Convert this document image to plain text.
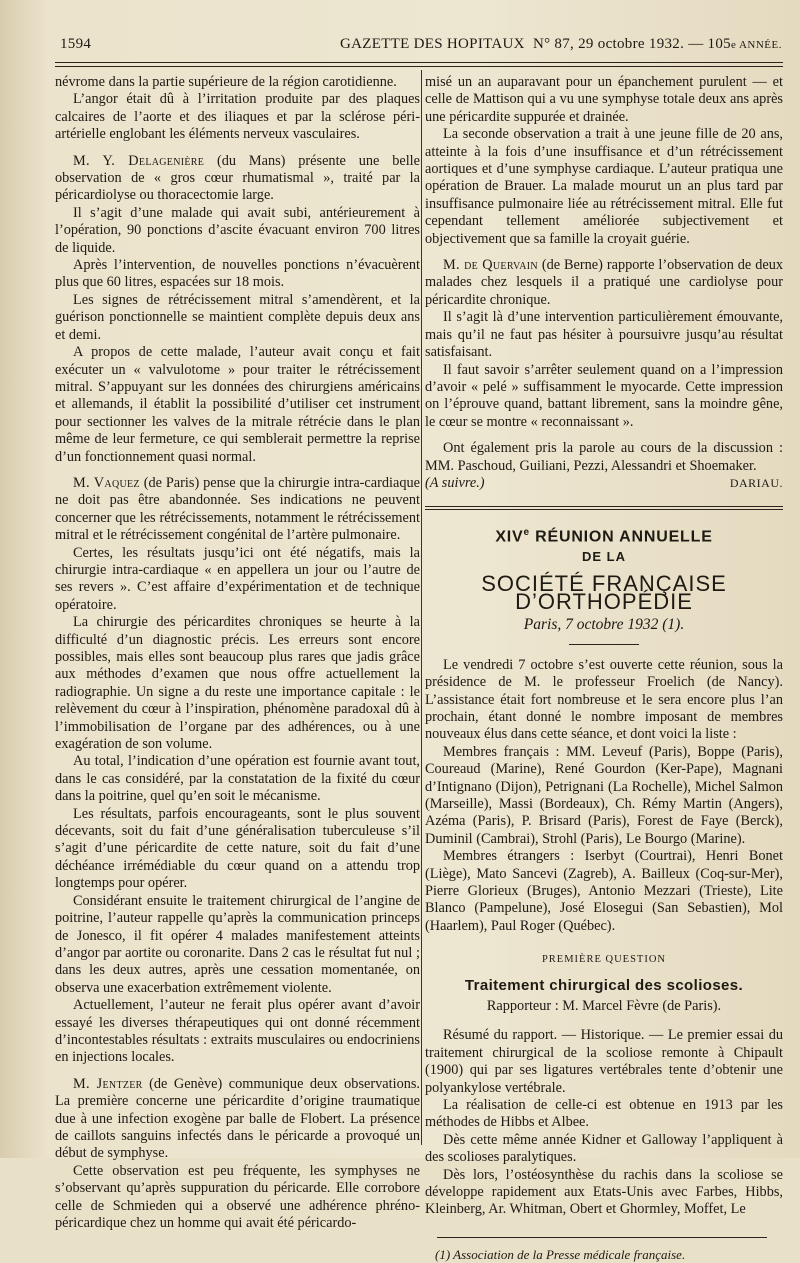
1594	GAZETTE DES HOPITAUX N° 87, 29 octobre 1932. — 105e ANNÉE.

névrome dans la partie supérieure de la région carotidienne.

L’angor était dû à l’irritation produite par des plaques calcaires de l’aorte et des iliaques et par la sclérose péri-artérielle englobant les éléments nerveux vasculaires.

M. Y. Delagenière (du Mans) présente une belle observation de « gros cœur rhumatismal », traité par la péricardiolyse ou thoracectomie large.

Il s’agit d’une malade qui avait subi, antérieurement à l’opération, 90 ponctions d’ascite évacuant environ 700 litres de liquide.

Après l’intervention, de nouvelles ponctions n’évacuèrent plus que 60 litres, espacées sur 18 mois.

Les signes de rétrécissement mitral s’amendèrent, et la guérison ponctionnelle se maintient complète depuis deux ans et demi.

A propos de cette malade, l’auteur avait conçu et fait exécuter un « valvulotome » pour traiter le rétrécissement mitral. S’appuyant sur les données des chirurgiens américains et allemands, il établit la possibilité d’utiliser cet instrument pour sectionner les valves de la mitrale rétrécie dans le plan même de leur fermeture, ce qui semblerait permettre la reprise d’un fonctionnement quasi normal.

M. Vaquez (de Paris) pense que la chirurgie intra-cardiaque ne doit pas être abandonnée. Ses indications ne peuvent concerner que les rétrécissements, notamment le rétrécissement mitral et le rétrécissement congénital de l’artère pulmonaire.

Certes, les résultats jusqu’ici ont été négatifs, mais la chirurgie intra-cardiaque « en appellera un jour ou l’autre de ses revers ». C’est affaire d’expérimentation et de technique opératoire.

La chirurgie des péricardites chroniques se heurte à la difficulté d’un diagnostic précis. Les erreurs sont encore possibles, mais elles sont beaucoup plus rares que jadis grâce aux méthodes d’examen que nous offre actuellement la radiographie. Un signe a du reste une importance capitale : le relèvement du cœur à l’inspiration, phénomène paradoxal dû à l’immobilisation de l’organe par des adhérences, ou à une exagération de son volume.

Au total, l’indication d’une opération est fournie avant tout, dans le cas considéré, par la constatation de la fixité du cœur dans la poitrine, quel qu’en soit le mécanisme.

Les résultats, parfois encourageants, sont le plus souvent décevants, soit du fait d’une généralisation tuberculeuse s’il s’agit d’une péricardite de cette nature, soit du fait d’une déchéance irrémédiable du cœur quand on a attendu trop longtemps pour opérer.

Considérant ensuite le traitement chirurgical de l’angine de poitrine, l’auteur rappelle qu’après la communication princeps de Jonesco, il fit opérer 4 malades manifestement atteints d’angor par aortite ou coronarite. Dans 2 cas le résultat fut nul ; dans les deux autres, après une cessation momentanée, on observa une exacerbation extrêmement violente.

Actuellement, l’auteur ne ferait plus opérer avant d’avoir essayé les diverses thérapeutiques qui ont donné récemment d’incontestables résultats : extraits musculaires ou endocriniens en injections locales.

M. Jentzer (de Genève) communique deux observations. La première concerne une péricardite d’origine traumatique due à une infection exogène par balle de Flobert. La présence de caillots sanguins infectés dans le péricarde a provoqué un début de symphyse.

Cette observation est peu fréquente, les symphyses ne s’observant qu’après suppuration du péricarde. Elle corrobore celle de Schmieden qui a observé une adhérence phréno-péricardique chez un homme qui avait été péricardo-

misé un an auparavant pour un épanchement purulent — et celle de Mattison qui a vu une symphyse totale deux ans après une péricardite suppurée et drainée.

La seconde observation a trait à une jeune fille de 20 ans, atteinte à la fois d’une insuffisance et d’un rétrécissement aortiques et d’une symphyse cardiaque. L’auteur pratiqua une opération de Brauer. La malade mourut un an plus tard par insuffisance pulmonaire liée au rétrécissement mitral. Elle fut cependant tellement améliorée subjectivement et objectivement que sa famille la croyait guérie.

M. de Quervain (de Berne) rapporte l’observation de deux malades chez lesquels il a pratiqué une cardiolyse pour péricardite chronique.

Il s’agit là d’une intervention particulièrement émouvante, mais qu’il ne faut pas hésiter à poursuivre jusqu’au résultat satisfaisant.

Il faut savoir s’arrêter seulement quand on a l’impression d’avoir « pelé » suffisamment le myocarde. Cette impression on l’éprouve quand, battant librement, sans la moindre gêne, le cœur se montre « reconnaissant ».

Ont également pris la parole au cours de la discussion : MM. Paschoud, Guiliani, Pezzi, Alessandri et Shoemaker.

(A suivre.)	DARIAU.
XIVe RÉUNION ANNUELLE
DE LA
SOCIÉTÉ FRANÇAISE D’ORTHOPÉDIE
Paris, 7 octobre 1932 (1).

Le vendredi 7 octobre s’est ouverte cette réunion, sous la présidence de M. le professeur Froelich (de Nancy). L’assistance était fort nombreuse et le sera encore plus l’an prochain, étant donné le nombre imposant de membres nouveaux élus dans cette séance, et dont voici la liste :

Membres français : MM. Leveuf (Paris), Boppe (Paris), Coureaud (Marine), René Gourdon (Ker-Pape), Magnani d’Intignano (Dijon), Petrignani (La Rochelle), Michel Salmon (Marseille), Massi (Bordeaux), Ch. Rémy Martin (Angers), Azéma (Paris), P. Brisard (Paris), Forest de Faye (Berck), Duminil (Cambrai), Strohl (Paris), Le Bourgo (Marine).

Membres étrangers : Iserbyt (Courtrai), Henri Bonet (Liège), Mato Sancevi (Zagreb), A. Bailleux (Coq-sur-Mer), Pierre Glorieux (Bruges), Antonio Mezzari (Trieste), Lite Blanco (Pampelune), José Elosegui (San Sebastien), Mol (Haarlem), Paul Roger (Québec).

PREMIÈRE QUESTION
Traitement chirurgical des scolioses.
Rapporteur : M. Marcel Fèvre (de Paris).

Résumé du rapport. — Historique. — Le premier essai du traitement chirurgical de la scoliose remonte à Chipault (1900) qui par ses ligatures vertébrales tente d’obtenir une polyankylose vertébrale.

La réalisation de celle-ci est obtenue en 1913 par les méthodes de Hibbs et Albee.

Dès cette même année Kidner et Galloway l’appliquent à des scolioses paralytiques.

Dès lors, l’ostéosynthèse du rachis dans la scoliose se développe rapidement aux Etats-Unis avec Farbes, Hibbs, Kleinberg, Ar. Whitman, Obert et Ghormley, Moffet, Le

(1) Association de la Presse médicale française.
